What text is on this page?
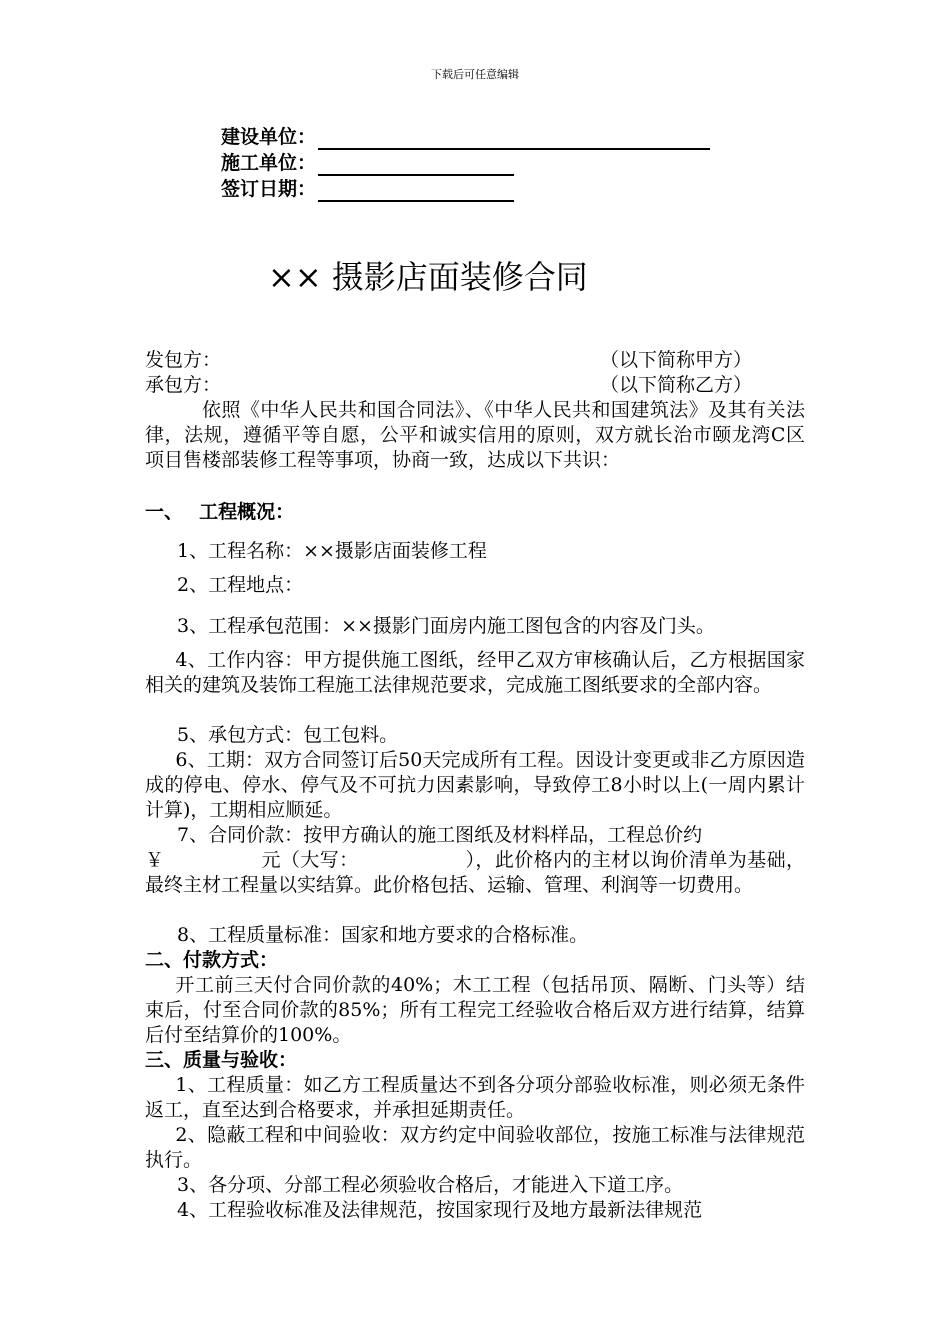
下载后可任意编辑
建设单位：
施工单位：
签订日期：
×× 摄影店面装修合同
发包方：	（以下简称甲方）
承包方：	（以下简称乙方）
依照《中华人民共和国合同法》、《中华人民共和国建筑法》及其有关法律，法规，遵循平等自愿，公平和诚实信用的原则，双方就长治市颐龙湾C区项目售楼部装修工程等事项，协商一致，达成以下共识：
一、　 工程概况：
1、工程名称：××摄影店面装修工程
2、工程地点：
3、工程承包范围：××摄影门面房内施工图包含的内容及门头。
4、工作内容：甲方提供施工图纸，经甲乙双方审核确认后，乙方根据国家相关的建筑及装饰工程施工法律规范要求，完成施工图纸要求的全部内容。
5、承包方式：包工包料。
6、工期：双方合同签订后50天完成所有工程。因设计变更或非乙方原因造成的停电、停水、停气及不可抗力因素影响，导致停工8小时以上(一周内累计计算)，工期相应顺延。
7、合同价款：按甲方确认的施工图纸及材料样品，工程总价约
￥　　　　　元（大写：　　　　　　），此价格内的主材以询价清单为基础，最终主材工程量以实结算。此价格包括、运输、管理、利润等一切费用。
8、工程质量标准：国家和地方要求的合格标准。
二、付款方式：
开工前三天付合同价款的40%；木工工程（包括吊顶、隔断、门头等）结束后，付至合同价款的85%；所有工程完工经验收合格后双方进行结算，结算后付至结算价的100%。
三、质量与验收：
1、工程质量：如乙方工程质量达不到各分项分部验收标准，则必须无条件返工，直至达到合格要求，并承担延期责任。
2、隐蔽工程和中间验收：双方约定中间验收部位，按施工标准与法律规范执行。
3、各分项、分部工程必须验收合格后，才能进入下道工序。
4、工程验收标准及法律规范，按国家现行及地方最新法律规范
